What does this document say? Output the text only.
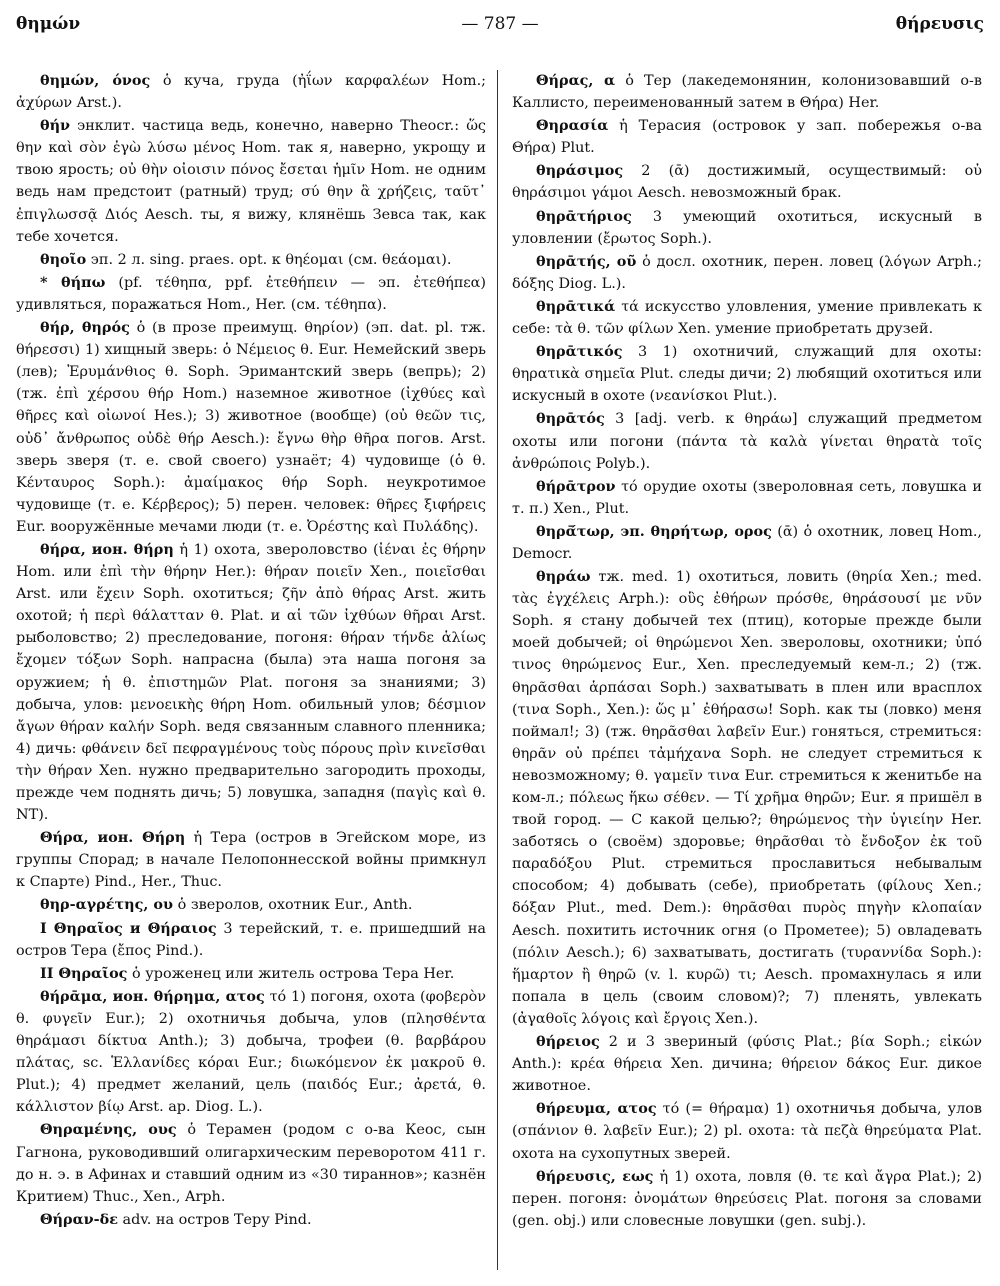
θημών	— 787 —	θήρευσις

θημών, όνος ὁ куча, груда (ἠΐων καρφαλέων Hom.; ἀχύρων Arst.).

θήν энклит. частица ведь, конечно, наверно Theocr.: ὥς θην καὶ σὸν ἐγὼ λύσω μένος Hom. так я, наверно, укрощу и твою ярость; οὐ θὴν οἰοισιν πόνος ἔσεται ἡμῖν Hom. не одним ведь нам предстоит (ратный) труд; σύ θην ἃ χρήζεις, ταῦτ᾽ ἐπιγλωσσᾷ Διός Aesch. ты, я вижу, клянёшь Зевса так, как тебе хочется.

θηοῖο эп. 2 л. sing. praes. opt. к θηέομαι (см. θεάομαι).

* θήπω (pf. τέθηπα, ppf. ἐτεθήπειν — эп. ἐτεθήπεα) удивляться, поражаться Hom., Her. (см. τέθηπα).

θήρ, θηρός ὁ (в прозе преимущ. θηρίον) (эп. dat. pl. тж. θήρεσσι) 1) хищный зверь: ὁ Νέμειος θ. Eur. Немейский зверь (лев); Ἐρυμάνθιος θ. Soph. Эримантский зверь (вепрь); 2) (тж. ἐπὶ χέρσου θήρ Hom.) наземное животное (ἰχθύες καὶ θῆρες καὶ οἰωνοί Hes.); 3) животное (вообще) (οὐ θεῶν τις, οὐδ᾽ ἄνθρωπος οὐδὲ θήρ Aesch.): ἔγνω θὴρ θῆρα погов. Arst. зверь зверя (т. е. свой своего) узнаёт; 4) чудовище (ὁ θ. Κένταυρος Soph.): ἀμαίμακος θήρ Soph. неукротимое чудовище (т. е. Κέρβερος); 5) перен. человек: θῆρες ξιφήρεις Eur. вооружённые мечами люди (т. е. Ὀρέστης καὶ Πυλάδης).

θήρα, ион. θήρη ἡ 1) охота, звероловство (ἰέναι ἐς θήρην Hom. или ἐπὶ τὴν θήρην Her.): θήραν ποιεῖν Xen., ποιεῖσθαι Arst. или ἔχειν Soph. охотиться; ζῆν ἀπὸ θήρας Arst. жить охотой; ἡ περὶ θάλατταν θ. Plat. и αἱ τῶν ἰχθύων θῆραι Arst. рыболовство; 2) преследование, погоня: θήραν τήνδε ἁλίως ἔχομεν τόξων Soph. напрасна (была) эта наша погоня за оружием; ἡ θ. ἐπιστημῶν Plat. погоня за знаниями; 3) добыча, улов: μενοεικὴς θήρη Hom. обильный улов; δέσμιον ἄγων θήραν καλήν Soph. ведя связанным славного пленника; 4) дичь: φθάνειν δεῖ πεφραγμένους τοὺς πόρους πρὶν κινεῖσθαι τὴν θήραν Xen. нужно предварительно загородить проходы, прежде чем поднять дичь; 5) ловушка, западня (παγὶς καὶ θ. NT).

Θήρα, ион. Θήρη ἡ Тера (остров в Эгейском море, из группы Спорад; в начале Пелопоннесской войны примкнул к Спарте) Pind., Her., Thuc.

θηρ-αγρέτης, ου ὁ зверолов, охотник Eur., Anth.

I Θηραῖος и Θήραιος 3 терейский, т. е. пришедший на остров Тера (ἔπος Pind.).

II Θηραῖος ὁ уроженец или житель острова Тера Her.

θήρᾱμα, ион. θήρημα, ατος τό 1) погоня, охота (φοβερὸν θ. φυγεῖν Eur.); 2) охотничья добыча, улов (πλησθέντα θηράμασι δίκτυα Anth.); 3) добыча, трофеи (θ. βαρβάρου πλάτας, sc. Ἑλλανίδες κόραι Eur.; διωκόμενον ἐκ μακροῦ θ. Plut.); 4) предмет желаний, цель (παιδός Eur.; ἀρετά, θ. κάλλιστον βίῳ Arst. ap. Diog. L.).

Θηραμένης, ους ὁ Терамен (родом с о-ва Кеос, сын Гагнона, руководивший олигархическим переворотом 411 г. до н. э. в Афинах и ставший одним из «30 тираннов»; казнён Критием) Thuc., Xen., Arph.

Θήραν-δε adv. на остров Теру Pind.

Θήρας, α ὁ Тер (лакедемонянин, колонизовавший о-в Каллисто, переименованный затем в Θήρα) Her.

Θηρασία ἡ Терасия (островок у зап. побережья о-ва Θήρα) Plut.

θηράσιμος 2 (ᾱ) достижимый, осуществимый: οὐ θηράσιμοι γάμοι Aesch. невозможный брак.

θηρᾱτήριος 3 умеющий охотиться, искусный в уловлении (ἔρωτος Soph.).

θηρᾱτής, οῦ ὁ досл. охотник, перен. ловец (λόγων Arph.; δόξης Diog. L.).

θηρᾱτικά τά искусство уловления, умение привлекать к себе: τὰ θ. τῶν φίλων Xen. умение приобретать друзей.

θηρᾱτικός 3 1) охотничий, служащий для охоты: θηρατικὰ σημεῖα Plut. следы дичи; 2) любящий охотиться или искусный в охоте (νεανίσκοι Plut.).

θηρᾱτός 3 [adj. verb. к θηράω] служащий предметом охоты или погони (πάντα τὰ καλὰ γίνεται θηρατὰ τοῖς ἀνθρώποις Polyb.).

θήρᾱτρον τό орудие охоты (звероловная сеть, ловушка и т. п.) Xen., Plut.

θηρᾱ́τωρ, эп. θηρήτωρ, ορος (ᾱ) ὁ охотник, ловец Hom., Democr.

θηράω тж. med. 1) охотиться, ловить (θηρία Xen.; med. τὰς ἐγχέλεις Arph.): οὓς ἐθήρων πρόσθε, θηράσουσί με νῦν Soph. я стану добычей тех (птиц), которые прежде были моей добычей; οἱ θηρώμενοι Xen. звероловы, охотники; ὑπό τινος θηρώμενος Eur., Xen. преследуемый кем-л.; 2) (тж. θηρᾶσθαι ἁρπάσαι Soph.) захватывать в плен или врасплох (τινα Soph., Xen.): ὥς μ᾽ ἐθήρασω! Soph. как ты (ловко) меня поймал!; 3) (тж. θηρᾶσθαι λαβεῖν Eur.) гоняться, стремиться: θηρᾶν οὐ πρέπει τἀμήχανα Soph. не следует стремиться к невозможному; θ. γαμεῖν τινα Eur. стремиться к женитьбе на ком-л.; πόλεως ἥκω σέθεν. — Τί χρῆμα θηρῶν; Eur. я пришёл в твой город. — С какой целью?; θηρώμενος τὴν ὑγιείην Her. заботясь о (своём) здоровье; θηρᾶσθαι τὸ ἔνδοξον ἐκ τοῦ παραδόξου Plut. стремиться прославиться небывалым способом; 4) добывать (себе), приобретать (φίλους Xen.; δόξαν Plut., med. Dem.): θηρᾶσθαι πυρὸς πηγὴν κλοπαίαν Aesch. похитить источник огня (о Прометее); 5) овладевать (πόλιν Aesch.); 6) захватывать, достигать (τυραννίδα Soph.): ἥμαρτον ἢ θηρῶ (v. l. κυρῶ) τι; Aesch. промахнулась я или попала в цель (своим словом)?; 7) пленять, увлекать (ἀγαθοῖς λόγοις καὶ ἔργοις Xen.).

θήρειος 2 и 3 звериный (φύσις Plat.; βία Soph.; εἰκών Anth.): κρέα θήρεια Xen. дичина; θήρειον δάκος Eur. дикое животное.

θήρευμα, ατος τό (= θήραμα) 1) охотничья добыча, улов (σπάνιον θ. λαβεῖν Eur.); 2) pl. охота: τὰ πεζὰ θηρεύματα Plat. охота на сухопутных зверей.

θήρευσις, εως ἡ 1) охота, ловля (θ. τε καὶ ἄγρα Plat.); 2) перен. погоня: ὀνομάτων θηρεύσεις Plat. погоня за словами (gen. obj.) или словесные ловушки (gen. subj.).
